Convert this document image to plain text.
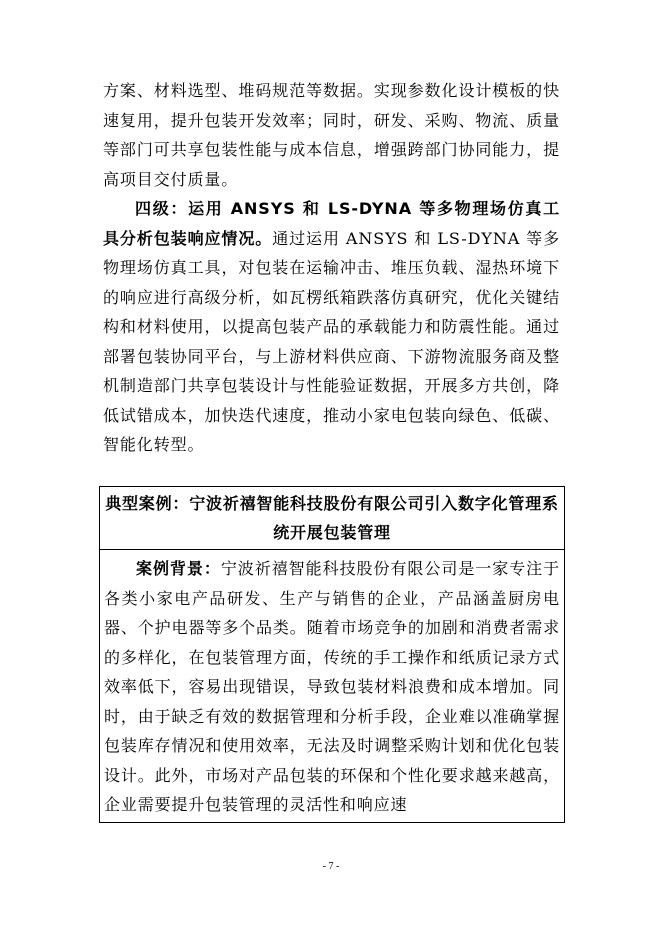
方案、材料选型、堆码规范等数据。实现参数化设计模板的快速复用，提升包装开发效率；同时，研发、采购、物流、质量等部门可共享包装性能与成本信息，增强跨部门协同能力，提高项目交付质量。

四级：运用 ANSYS 和 LS-DYNA 等多物理场仿真工具分析包装响应情况。通过运用 ANSYS 和 LS-DYNA 等多物理场仿真工具，对包装在运输冲击、堆压负载、湿热环境下的响应进行高级分析，如瓦楞纸箱跌落仿真研究，优化关键结构和材料使用，以提高包装产品的承载能力和防震性能。通过部署包装协同平台，与上游材料供应商、下游物流服务商及整机制造部门共享包装设计与性能验证数据，开展多方共创，降低试错成本，加快迭代速度，推动小家电包装向绿色、低碳、智能化转型。

典型案例：宁波祈禧智能科技股份有限公司引入数字化管理系统开展包装管理

案例背景：宁波祈禧智能科技股份有限公司是一家专注于各类小家电产品研发、生产与销售的企业，产品涵盖厨房电器、个护电器等多个品类。随着市场竞争的加剧和消费者需求的多样化，在包装管理方面，传统的手工操作和纸质记录方式效率低下，容易出现错误，导致包装材料浪费和成本增加。同时，由于缺乏有效的数据管理和分析手段，企业难以准确掌握包装库存情况和使用效率，无法及时调整采购计划和优化包装设计。此外，市场对产品包装的环保和个性化要求越来越高，企业需要提升包装管理的灵活性和响应速

- 7 -
